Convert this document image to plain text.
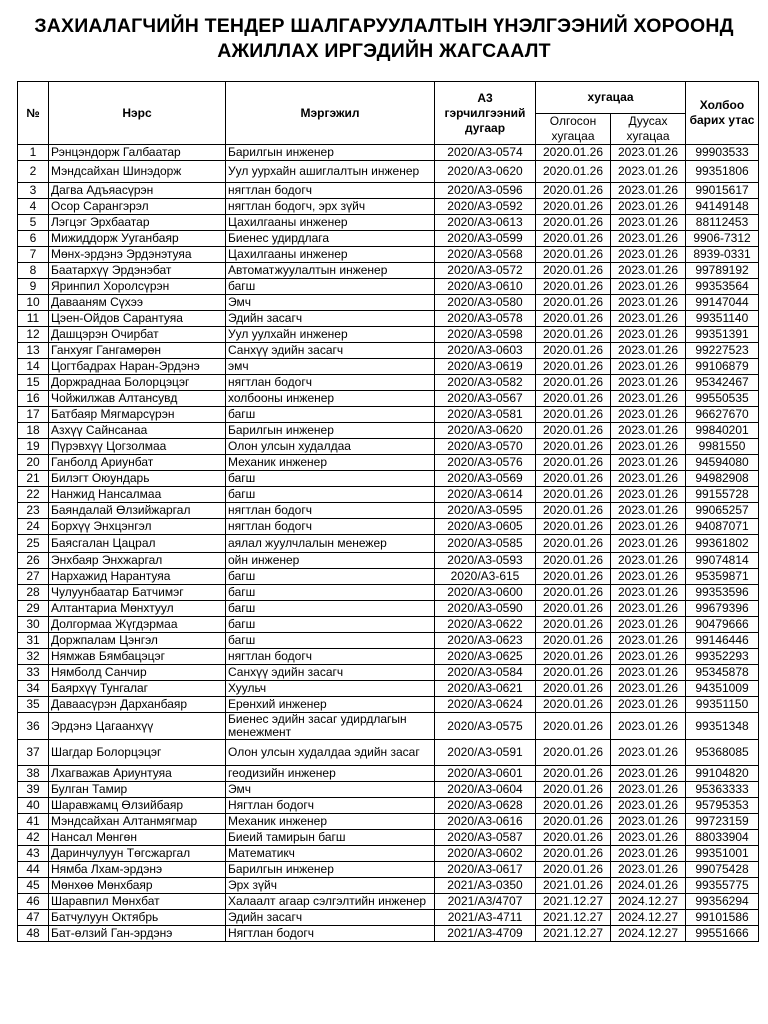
ЗАХИАЛАГЧИЙН ТЕНДЕР ШАЛГАРУУЛАЛТЫН ҮНЭЛГЭЭНИЙ ХОРООНД
АЖИЛЛАХ ИРГЭДИЙН ЖАГСААЛТ
№	Нэрс	Мэргэжил	А3 гэрчилгээний дугаар	хугацаа		Холбоо барих утас
				Олгосон хугацаа	Дуусах хугацаа	
1	Рэнцэндорж Галбаатар	Барилгын инженер	2020/А3-0574	2020.01.26	2023.01.26	99903533
2	Мэндсайхан Шинэдорж	Уул уурхайн ашиглалтын инженер	2020/А3-0620	2020.01.26	2023.01.26	99351806
3	Дагва Адъяасүрэн	нягтлан бодогч	2020/А3-0596	2020.01.26	2023.01.26	99015617
4	Осор Сарангэрэл	нягтлан бодогч, эрх зүйч	2020/А3-0592	2020.01.26	2023.01.26	94149148
5	Лэгцэг Эрхбаатар	Цахилгааны инженер	2020/А3-0613	2020.01.26	2023.01.26	88112453
6	Мижиддорж Ууганбаяр	Биенес удирдлага	2020/А3-0599	2020.01.26	2023.01.26	9906-7312
7	Мөнх-эрдэнэ Эрдэнэтуяа	Цахилгааны инженер	2020/А3-0568	2020.01.26	2023.01.26	8939-0331
8	Баатархүү Эрдэнэбат	Автоматжуулалтын инженер	2020/А3-0572	2020.01.26	2023.01.26	99789192
9	Яринпил Хоролсүрэн	багш	2020/А3-0610	2020.01.26	2023.01.26	99353564
10	Давааням Сүхээ	Эмч	2020/А3-0580	2020.01.26	2023.01.26	99147044
11	Цэен-Ойдов Сарантуяа	Эдийн засагч	2020/А3-0578	2020.01.26	2023.01.26	99351140
12	Дашцэрэн Очирбат	Уул уулхайн инженер	2020/А3-0598	2020.01.26	2023.01.26	99351391
13	Ганхуяг Гангамөрөн	Санхүү эдийн засагч	2020/А3-0603	2020.01.26	2023.01.26	99227523
14	Цогтбадрах Наран-Эрдэнэ	эмч	2020/А3-0619	2020.01.26	2023.01.26	99106879
15	Доржраднаа Болорцэцэг	нягтлан бодогч	2020/А3-0582	2020.01.26	2023.01.26	95342467
16	Чойжилжав Алтансувд	холбооны инженер	2020/А3-0567	2020.01.26	2023.01.26	99550535
17	Батбаяр Мягмарсүрэн	багш	2020/А3-0581	2020.01.26	2023.01.26	96627670
18	Азхүү Сайнсанаа	Барилгын инженер	2020/А3-0620	2020.01.26	2023.01.26	99840201
19	Пүрэвхүү Цогзолмаа	Олон улсын худалдаа	2020/А3-0570	2020.01.26	2023.01.26	9981550
20	Ганболд Ариунбат	Механик инженер	2020/А3-0576	2020.01.26	2023.01.26	94594080
21	Билэгт Оюундарь	багш	2020/А3-0569	2020.01.26	2023.01.26	94982908
22	Нанжид Нансалмаа	багш	2020/А3-0614	2020.01.26	2023.01.26	99155728
23	Баяндалай Өлзийжаргал	нягтлан бодогч	2020/А3-0595	2020.01.26	2023.01.26	99065257
24	Борхүү Энхцэнгэл	нягтлан бодогч	2020/А3-0605	2020.01.26	2023.01.26	94087071
25	Баясгалан Цацрал	аялал жуулчлалын менежер	2020/А3-0585	2020.01.26	2023.01.26	99361802
26	Энхбаяр Энхжаргал	ойн инженер	2020/А3-0593	2020.01.26	2023.01.26	99074814
27	Нархажид Нарантуяа	багш	2020/А3-615	2020.01.26	2023.01.26	95359871
28	Чулуунбаатар Батчимэг	багш	2020/А3-0600	2020.01.26	2023.01.26	99353596
29	Алтантариа Мөнхтуул	багш	2020/А3-0590	2020.01.26	2023.01.26	99679396
30	Долгормаа Жүгдэрмаа	багш	2020/А3-0622	2020.01.26	2023.01.26	90479666
31	Доржпалам Цэнгэл	багш	2020/А3-0623	2020.01.26	2023.01.26	99146446
32	Нямжав Бямбацэцэг	нягтлан бодогч	2020/А3-0625	2020.01.26	2023.01.26	99352293
33	Нямболд Санчир	Санхүү эдийн засагч	2020/А3-0584	2020.01.26	2023.01.26	95345878
34	Баярхүү Тунгалаг	Хуульч	2020/А3-0621	2020.01.26	2023.01.26	94351009
35	Даваасүрэн Дарханбаяр	Ерөнхий инженер	2020/А3-0624	2020.01.26	2023.01.26	99351150
36	Эрдэнэ Цагаанхүү	Биенес эдийн засаг удирдлагын менежмент	2020/А3-0575	2020.01.26	2023.01.26	99351348
37	Шагдар Болорцэцэг	Олон улсын худалдаа эдийн засаг	2020/А3-0591	2020.01.26	2023.01.26	95368085
38	Лхагважав Ариунтуяа	геодизийн инженер	2020/А3-0601	2020.01.26	2023.01.26	99104820
39	Булган Тамир	Эмч	2020/А3-0604	2020.01.26	2023.01.26	95363333
40	Шаравжамц Өлзийбаяр	Нягтлан бодогч	2020/А3-0628	2020.01.26	2023.01.26	95795353
41	Мэндсайхан Алтанмягмар	Механик инженер	2020/А3-0616	2020.01.26	2023.01.26	99723159
42	Нансал Мөнгөн	Биеий тамирын багш	2020/А3-0587	2020.01.26	2023.01.26	88033904
43	Даринчулуун Төгсжаргал	Математикч	2020/А3-0602	2020.01.26	2023.01.26	99351001
44	Нямба Лхам-эрдэнэ	Барилгын инженер	2020/А3-0617	2020.01.26	2023.01.26	99075428
45	Мөнхөө Мөнхбаяр	Эрх зүйч	2021/А3-0350	2021.01.26	2024.01.26	99355775
46	Шаравпил Мөнхбат	Халаалт агаар сэлгэлтийн инженер	2021/А3/4707	2021.12.27	2024.12.27	99356294
47	Батчулуун Октябрь	Эдийн засагч	2021/А3-4711	2021.12.27	2024.12.27	99101586
48	Бат-өлзий Ган-эрдэнэ	Нягтлан бодогч	2021/А3-4709	2021.12.27	2024.12.27	99551666
